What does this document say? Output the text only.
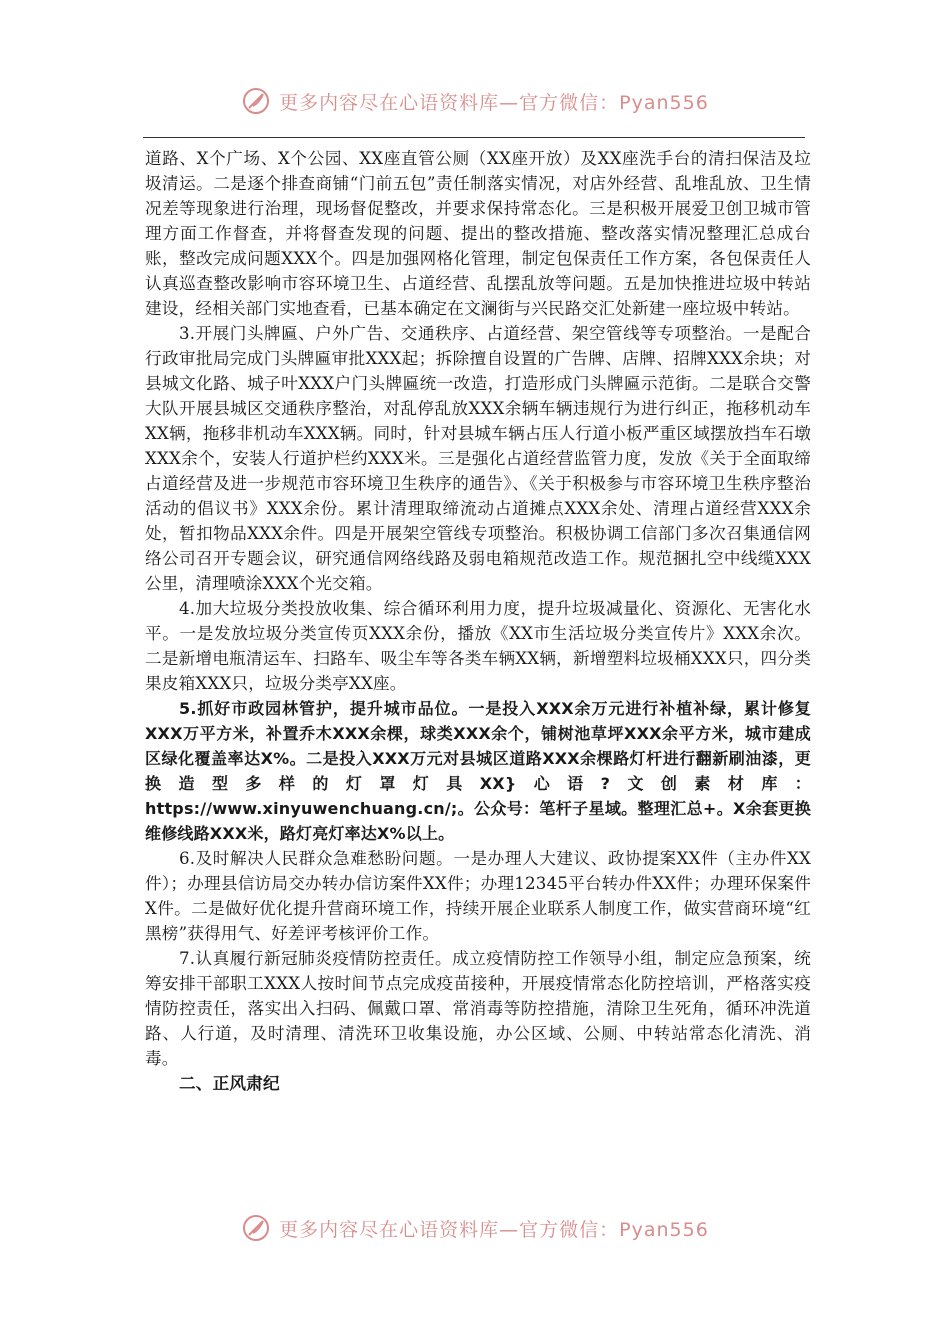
更多内容尽在心语资料库—官方微信：Pyan556

道路、X个广场、X个公园、XX座直管公厕（XX座开放）及XX座洗手台的清扫保洁及垃圾清运。二是逐个排查商铺“门前五包”责任制落实情况，对店外经营、乱堆乱放、卫生情况差等现象进行治理，现场督促整改，并要求保持常态化。三是积极开展爱卫创卫城市管理方面工作督查，并将督查发现的问题、提出的整改措施、整改落实情况整理汇总成台账，整改完成问题XXX个。四是加强网格化管理，制定包保责任工作方案，各包保责任人认真巡查整改影响市容环境卫生、占道经营、乱摆乱放等问题。五是加快推进垃圾中转站建设，经相关部门实地查看，已基本确定在文澜街与兴民路交汇处新建一座垃圾中转站。

3.开展门头牌匾、户外广告、交通秩序、占道经营、架空管线等专项整治。一是配合行政审批局完成门头牌匾审批XXX起；拆除擅自设置的广告牌、店牌、招牌XXX余块；对县城文化路、城子叶XXX户门头牌匾统一改造，打造形成门头牌匾示范街。二是联合交警大队开展县城区交通秩序整治，对乱停乱放XXX余辆车辆违规行为进行纠正，拖移机动车XX辆，拖移非机动车XXX辆。同时，针对县城车辆占压人行道小板严重区域摆放挡车石墩XXX余个，安装人行道护栏约XXX米。三是强化占道经营监管力度，发放《关于全面取缔占道经营及进一步规范市容环境卫生秩序的通告》、《关于积极参与市容环境卫生秩序整治活动的倡议书》XXX余份。累计清理取缔流动占道摊点XXX余处、清理占道经营XXX余处，暂扣物品XXX余件。四是开展架空管线专项整治。积极协调工信部门多次召集通信网络公司召开专题会议，研究通信网络线路及弱电箱规范改造工作。规范捆扎空中线缆XXX公里，清理喷涂XXX个光交箱。

4.加大垃圾分类投放收集、综合循环利用力度，提升垃圾减量化、资源化、无害化水平。一是发放垃圾分类宣传页XXX余份，播放《XX市生活垃圾分类宣传片》XXX余次。二是新增电瓶清运车、扫路车、吸尘车等各类车辆XX辆，新增塑料垃圾桶XXX只，四分类果皮箱XXX只，垃圾分类亭XX座。

5.抓好市政园林管护，提升城市品位。一是投入XXX余万元进行补植补绿，累计修复XXX万平方米，补置乔木XXX余棵，球类XXX余个，铺树池草坪XXX余平方米，城市建成区绿化覆盖率达X%。二是投入XXX万元对县城区道路XXX余棵路灯杆进行翻新刷油漆，更换造型多样的灯罩灯具XX}心语?文创素材库：https://www.xinyuwenchuang.cn/;。公众号：笔杆子星域。整理汇总+。X余套更换维修线路XXX米，路灯亮灯率达X%以上。

6.及时解决人民群众急难愁盼问题。一是办理人大建议、政协提案XX件（主办件XX件）；办理县信访局交办转办信访案件XX件；办理12345平台转办件XX件；办理环保案件X件。二是做好优化提升营商环境工作，持续开展企业联系人制度工作，做实营商环境“红黑榜”获得用气、好差评考核评价工作。

7.认真履行新冠肺炎疫情防控责任。成立疫情防控工作领导小组，制定应急预案，统筹安排干部职工XXX人按时间节点完成疫苗接种，开展疫情常态化防控培训，严格落实疫情防控责任，落实出入扫码、佩戴口罩、常消毒等防控措施，清除卫生死角，循环冲洗道路、人行道，及时清理、清洗环卫收集设施，办公区域、公厕、中转站常态化清洗、消毒。

二、正风肃纪

更多内容尽在心语资料库—官方微信：Pyan556
